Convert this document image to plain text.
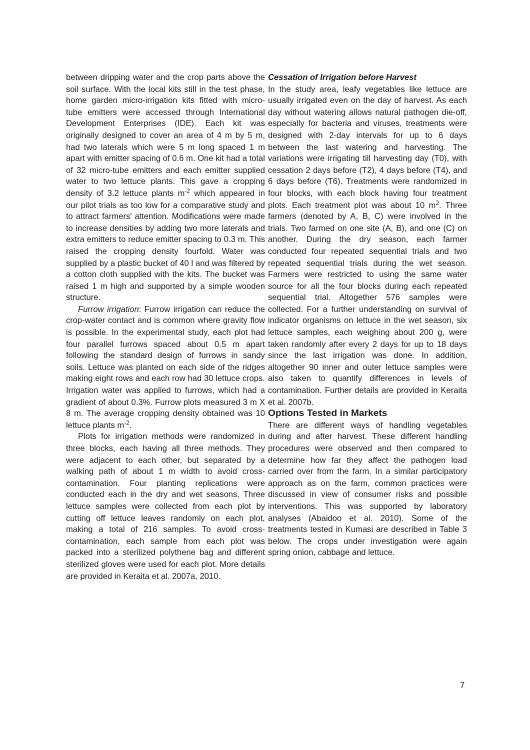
between dripping water and the crop parts above the soil surface. With the local kits still in the test phase, home garden micro-irrigation kits fitted with micro-tube emitters were accessed through International Development Enterprises (IDE). Each kit was originally designed to cover an area of 4 m by 5 m, had two laterals which were 5 m long spaced 1 m apart with emitter spacing of 0.6 m. One kit had a total of 32 micro-tube emitters and each emitter supplied water to two lettuce plants. This gave a cropping density of 3.2 lettuce plants $m^{-2}$ which appeared in our pilot trials as too low for a comparative study and to attract farmers' attention. Modifications were made to increase densities by adding two more laterals and extra emitters to reduce emitter spacing to 0.3 m. This raised the cropping density fourfold. Water was supplied by a plastic bucket of 40 l and was filtered by a cotton cloth supplied with the kits. The bucket was raised 1 m high and supported by a simple wooden structure.

Furrow irrigation: Furrow irrigation can reduce the crop-water contact and is common where gravity flow is possible. In the experimental study, each plot had four parallel furrows spaced about 0.5 m apart following the standard design of furrows in sandy soils. Lettuce was planted on each side of the ridges making eight rows and each row had 30 lettuce crops. Irrigation water was applied to furrows, which had a gradient of about 0.3%. Furrow plots measured 3 m X 8 m. The average cropping density obtained was 10 lettuce plants $m^{-2}$.

Plots for irrigation methods were randomized in three blocks, each having all three methods. They were adjacent to each other, but separated by a walking path of about 1 m width to avoid cross-contamination. Four planting replications were conducted each in the dry and wet seasons. Three lettuce samples were collected from each plot by cutting off lettuce leaves randomly on each plot, making a total of 216 samples. To avoid cross-contamination, each sample from each plot was packed into a sterilized polythene bag and different sterilized gloves were used for each plot. More details are provided in Keraita et al. 2007a, 2010.

Cessation of Irrigation before Harvest

In the study area, leafy vegetables like lettuce are usually irrigated even on the day of harvest. As each day without watering allows natural pathogen die-off, especially for bacteria and viruses, treatments were designed with 2-day intervals for up to 6 days between the last watering and harvesting. The variations were irrigating till harvesting day (T0), with cessation 2 days before (T2), 4 days before (T4), and 6 days before (T6). Treatments were randomized in four blocks, with each block having four treatment plots. Each treatment plot was about 10 $m^2$. Three farmers (denoted by A, B, C) were involved in the trials. Two farmed on one site (A, B), and one (C) on another. During the dry season, each farmer conducted four repeated sequential trials and two repeated sequential trials during the wet season. Farmers were restricted to using the same water source for all the four blocks during each repeated sequential trial. Altogether 576 samples were collected. For a further understanding on survival of indicator organisms on lettuce in the wet season, six lettuce samples, each weighing about 200 g, were taken randomly after every 2 days for up to 18 days since the last irrigation was done. In addition, altogether 90 inner and outer lettuce samples were also taken to quantify differences in levels of contamination. Further details are provided in Keraita et al. 2007b.

Options Tested in Markets

There are different ways of handling vegetables during and after harvest. These different handling procedures were observed and then compared to determine how far they affect the pathogen load carried over from the farm. In a similar participatory approach as on the farm, common practices were discussed in view of consumer risks and possible interventions. This was supported by laboratory analyses (Abaidoo et al. 2010). Some of the treatments tested in Kumasi are described in Table 3 below. The crops under investigation were again spring onion, cabbage and lettuce.

7
